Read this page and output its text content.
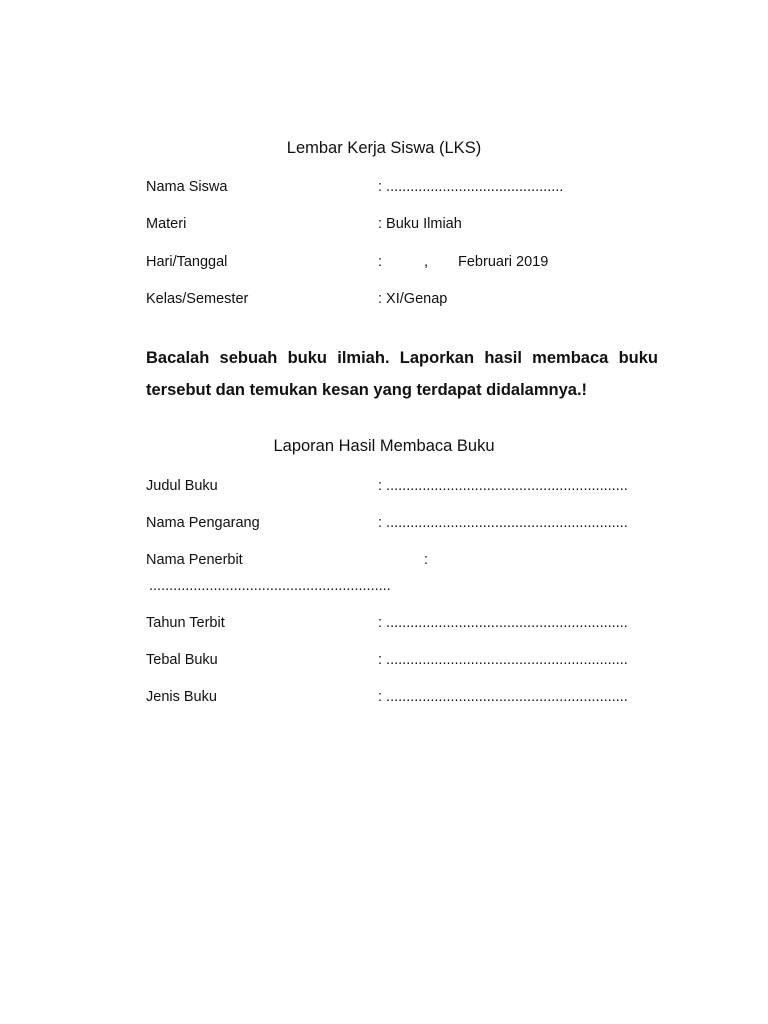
Lembar Kerja Siswa (LKS)
Nama Siswa	: ............................................
Materi	: Buku Ilmiah
Hari/Tanggal	:	, Februari 2019
Kelas/Semester	: XI/Genap

Bacalah sebuah buku ilmiah. Laporkan hasil membaca buku tersebut dan temukan kesan yang terdapat didalamnya.!

Laporan Hasil Membaca Buku
Judul Buku	: ............................................................
Nama Pengarang	: ............................................................
Nama Penerbit	:
............................................................
Tahun Terbit	: ............................................................
Tebal Buku	: ............................................................
Jenis Buku	: ............................................................
